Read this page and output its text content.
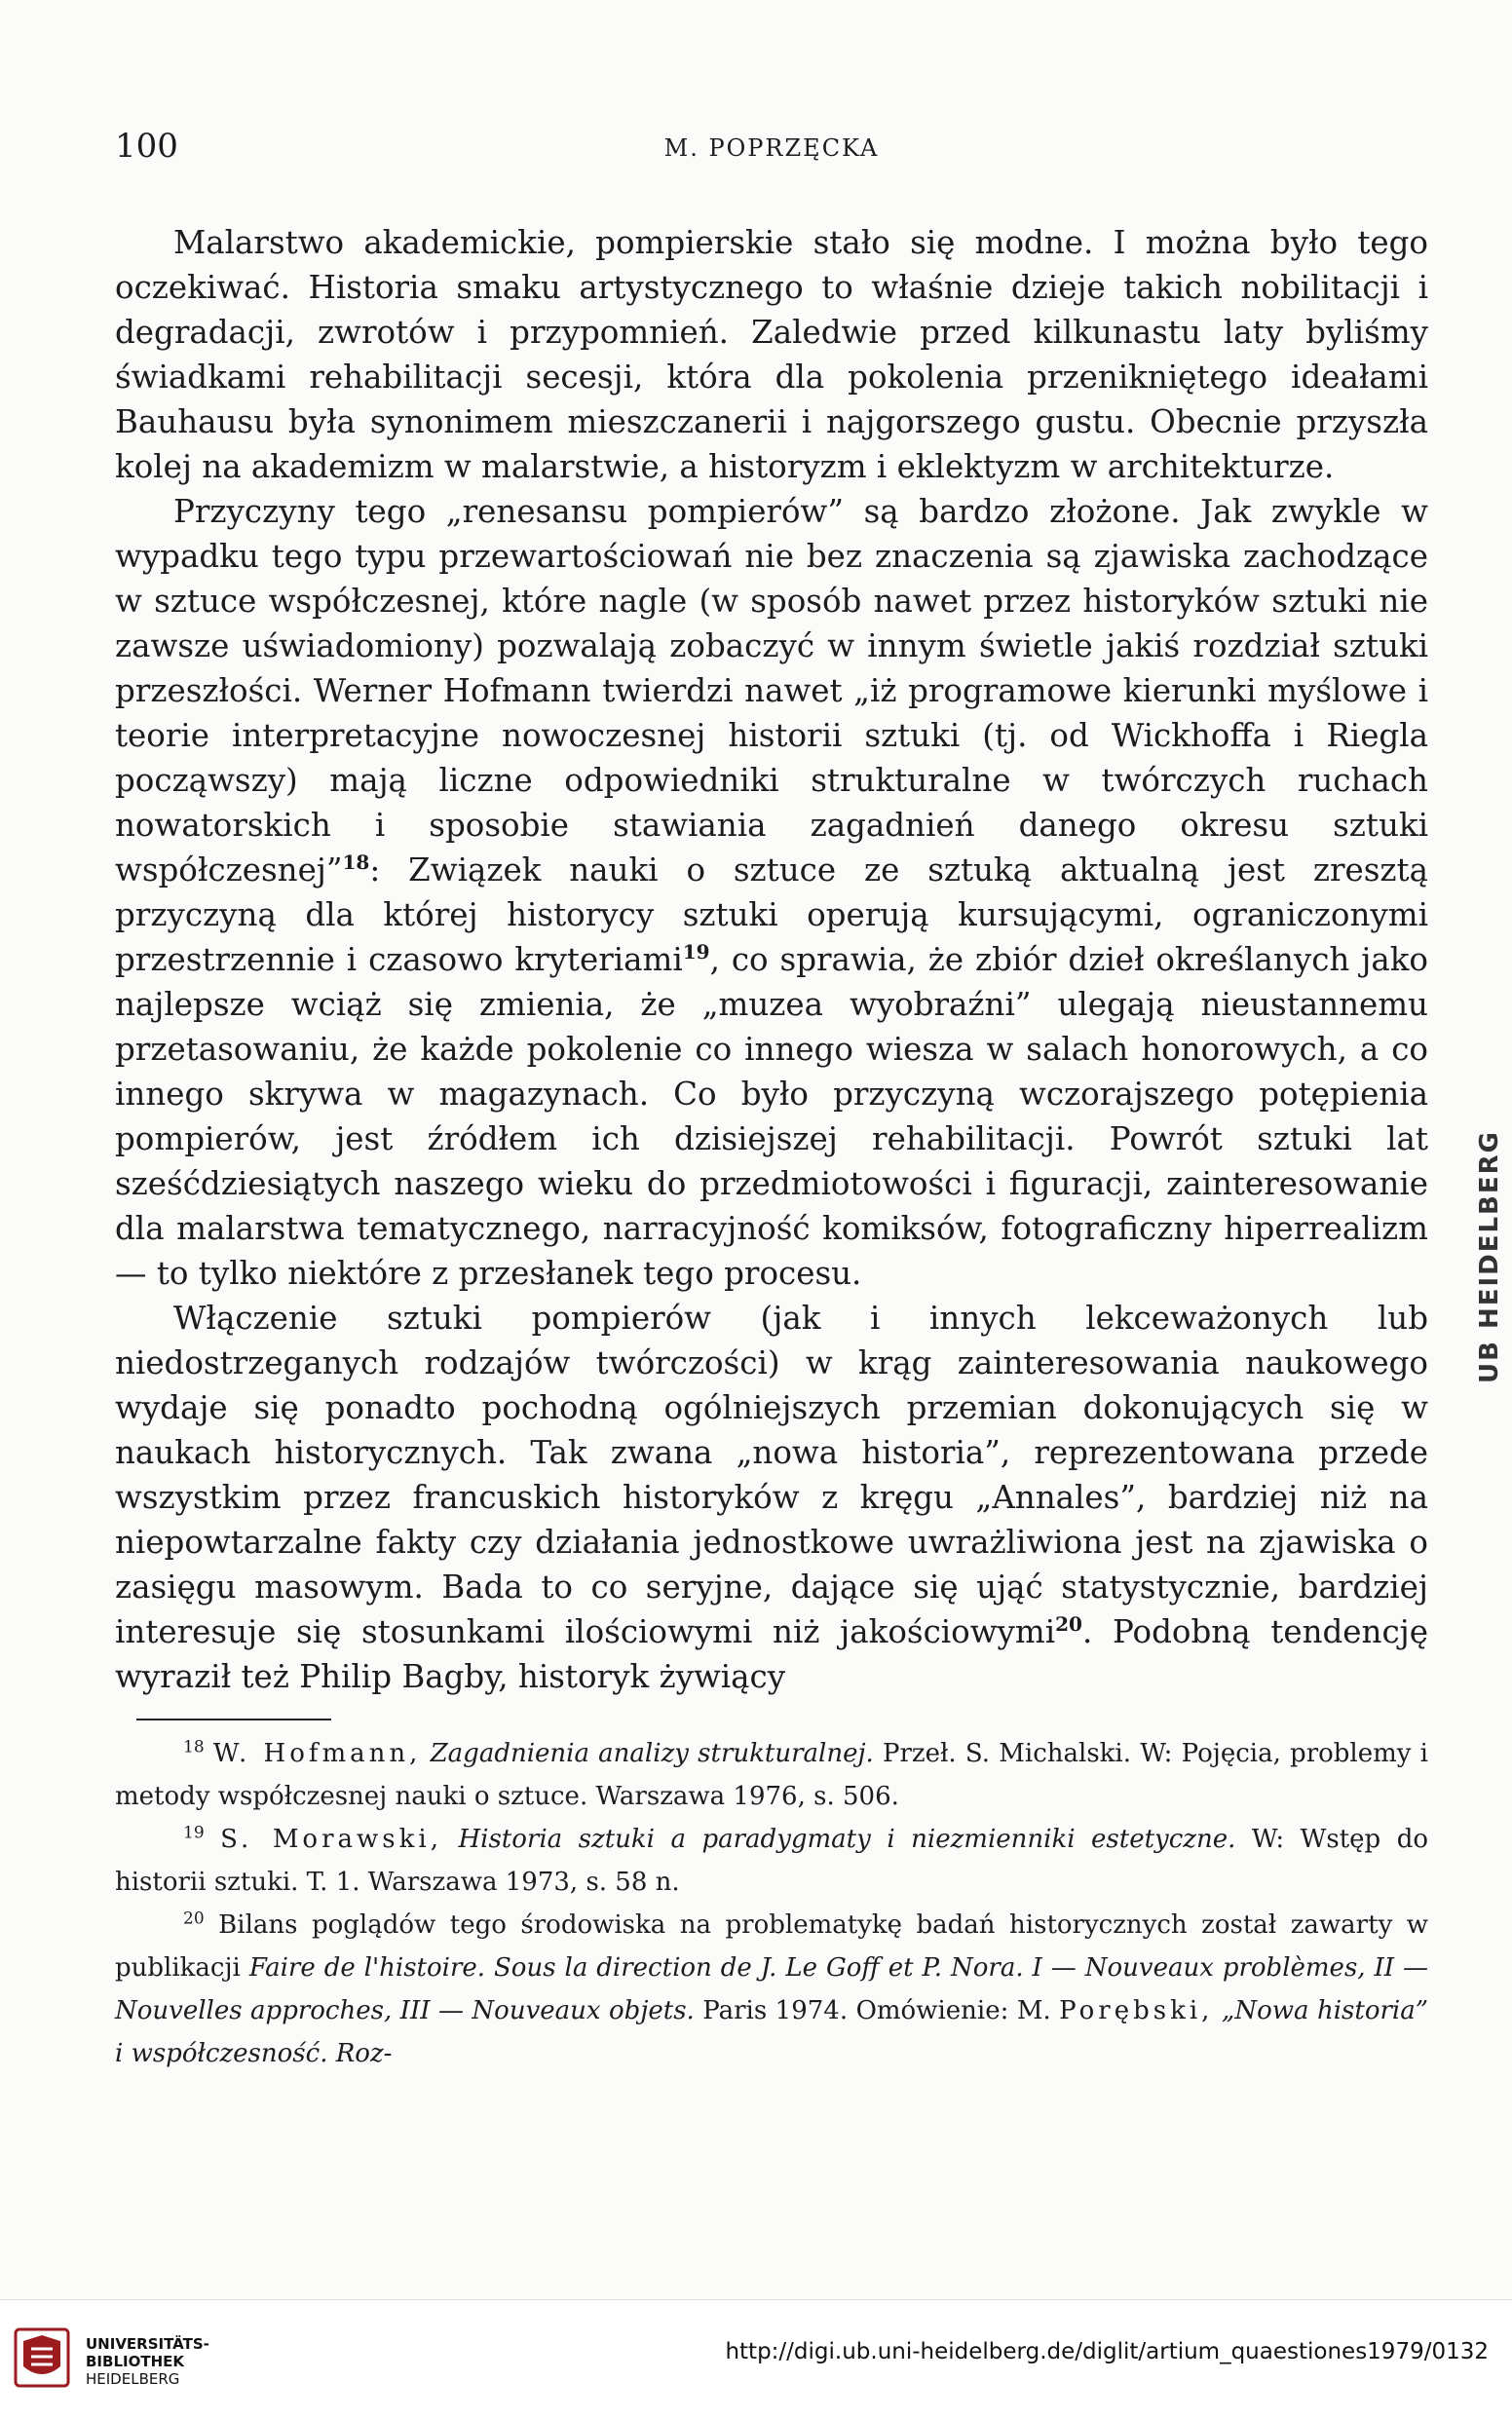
100	M. POPRZĘCKA

Malarstwo akademickie, pompierskie stało się modne. I można było tego oczekiwać. Historia smaku artystycznego to właśnie dzieje takich nobilitacji i degradacji, zwrotów i przypomnień. Zaledwie przed kilkunastu laty byliśmy świadkami rehabilitacji secesji, która dla pokolenia przenikniętego ideałami Bauhausu była synonimem mieszczanerii i najgorszego gustu. Obecnie przyszła kolej na akademizm w malarstwie, a historyzm i eklektyzm w architekturze.

Przyczyny tego „renesansu pompierów” są bardzo złożone. Jak zwykle w wypadku tego typu przewartościowań nie bez znaczenia są zjawiska zachodzące w sztuce współczesnej, które nagle (w sposób nawet przez historyków sztuki nie zawsze uświadomiony) pozwalają zobaczyć w innym świetle jakiś rozdział sztuki przeszłości. Werner Hofmann twierdzi nawet „iż programowe kierunki myślowe i teorie interpretacyjne nowoczesnej historii sztuki (tj. od Wickhoffa i Riegla począwszy) mają liczne odpowiedniki strukturalne w twórczych ruchach nowatorskich i sposobie stawiania zagadnień danego okresu sztuki współczesnej”$^{18}$: Związek nauki o sztuce ze sztuką aktualną jest zresztą przyczyną dla której historycy sztuki operują kursującymi, ograniczonymi przestrzennie i czasowo kryteriami$^{19}$, co sprawia, że zbiór dzieł określanych jako najlepsze wciąż się zmienia, że „muzea wyobraźni” ulegają nieustannemu przetasowaniu, że każde pokolenie co innego wiesza w salach honorowych, a co innego skrywa w magazynach. Co było przyczyną wczorajszego potępienia pompierów, jest źródłem ich dzisiejszej rehabilitacji. Powrót sztuki lat sześćdziesiątych naszego wieku do przedmiotowości i figuracji, zainteresowanie dla malarstwa tematycznego, narracyjność komiksów, fotograficzny hiperrealizm — to tylko niektóre z przesłanek tego procesu.

Włączenie sztuki pompierów (jak i innych lekceważonych lub niedostrzeganych rodzajów twórczości) w krąg zainteresowania naukowego wydaje się ponadto pochodną ogólniejszych przemian dokonujących się w naukach historycznych. Tak zwana „nowa historia”, reprezentowana przede wszystkim przez francuskich historyków z kręgu „Annales”, bardziej niż na niepowtarzalne fakty czy działania jednostkowe uwrażliwiona jest na zjawiska o zasięgu masowym. Bada to co seryjne, dające się ująć statystycznie, bardziej interesuje się stosunkami ilościowymi niż jakościowymi$^{20}$. Podobną tendencję wyraził też Philip Bagby, historyk żywiący

$^{18}$ W. Hofmann, Zagadnienia analizy strukturalnej. Przeł. S. Michalski. W: Pojęcia, problemy i metody współczesnej nauki o sztuce. Warszawa 1976, s. 506.

$^{19}$ S. Morawski, Historia sztuki a paradygmaty i niezmienniki estetyczne. W: Wstęp do historii sztuki. T. 1. Warszawa 1973, s. 58 n.

$^{20}$ Bilans poglądów tego środowiska na problematykę badań historycznych został zawarty w publikacji Faire de l'histoire. Sous la direction de J. Le Goff et P. Nora. I — Nouveaux problèmes, II — Nouvelles approches, III — Nouveaux objets. Paris 1974. Omówienie: M. Porębski, „Nowa historia” i współczesność. Roz-

UB HEIDELBERG
UNIVERSITÄTS-
BIBLIOTHEK
HEIDELBERG
http://digi.ub.uni-heidelberg.de/diglit/artium_quaestiones1979/0132
